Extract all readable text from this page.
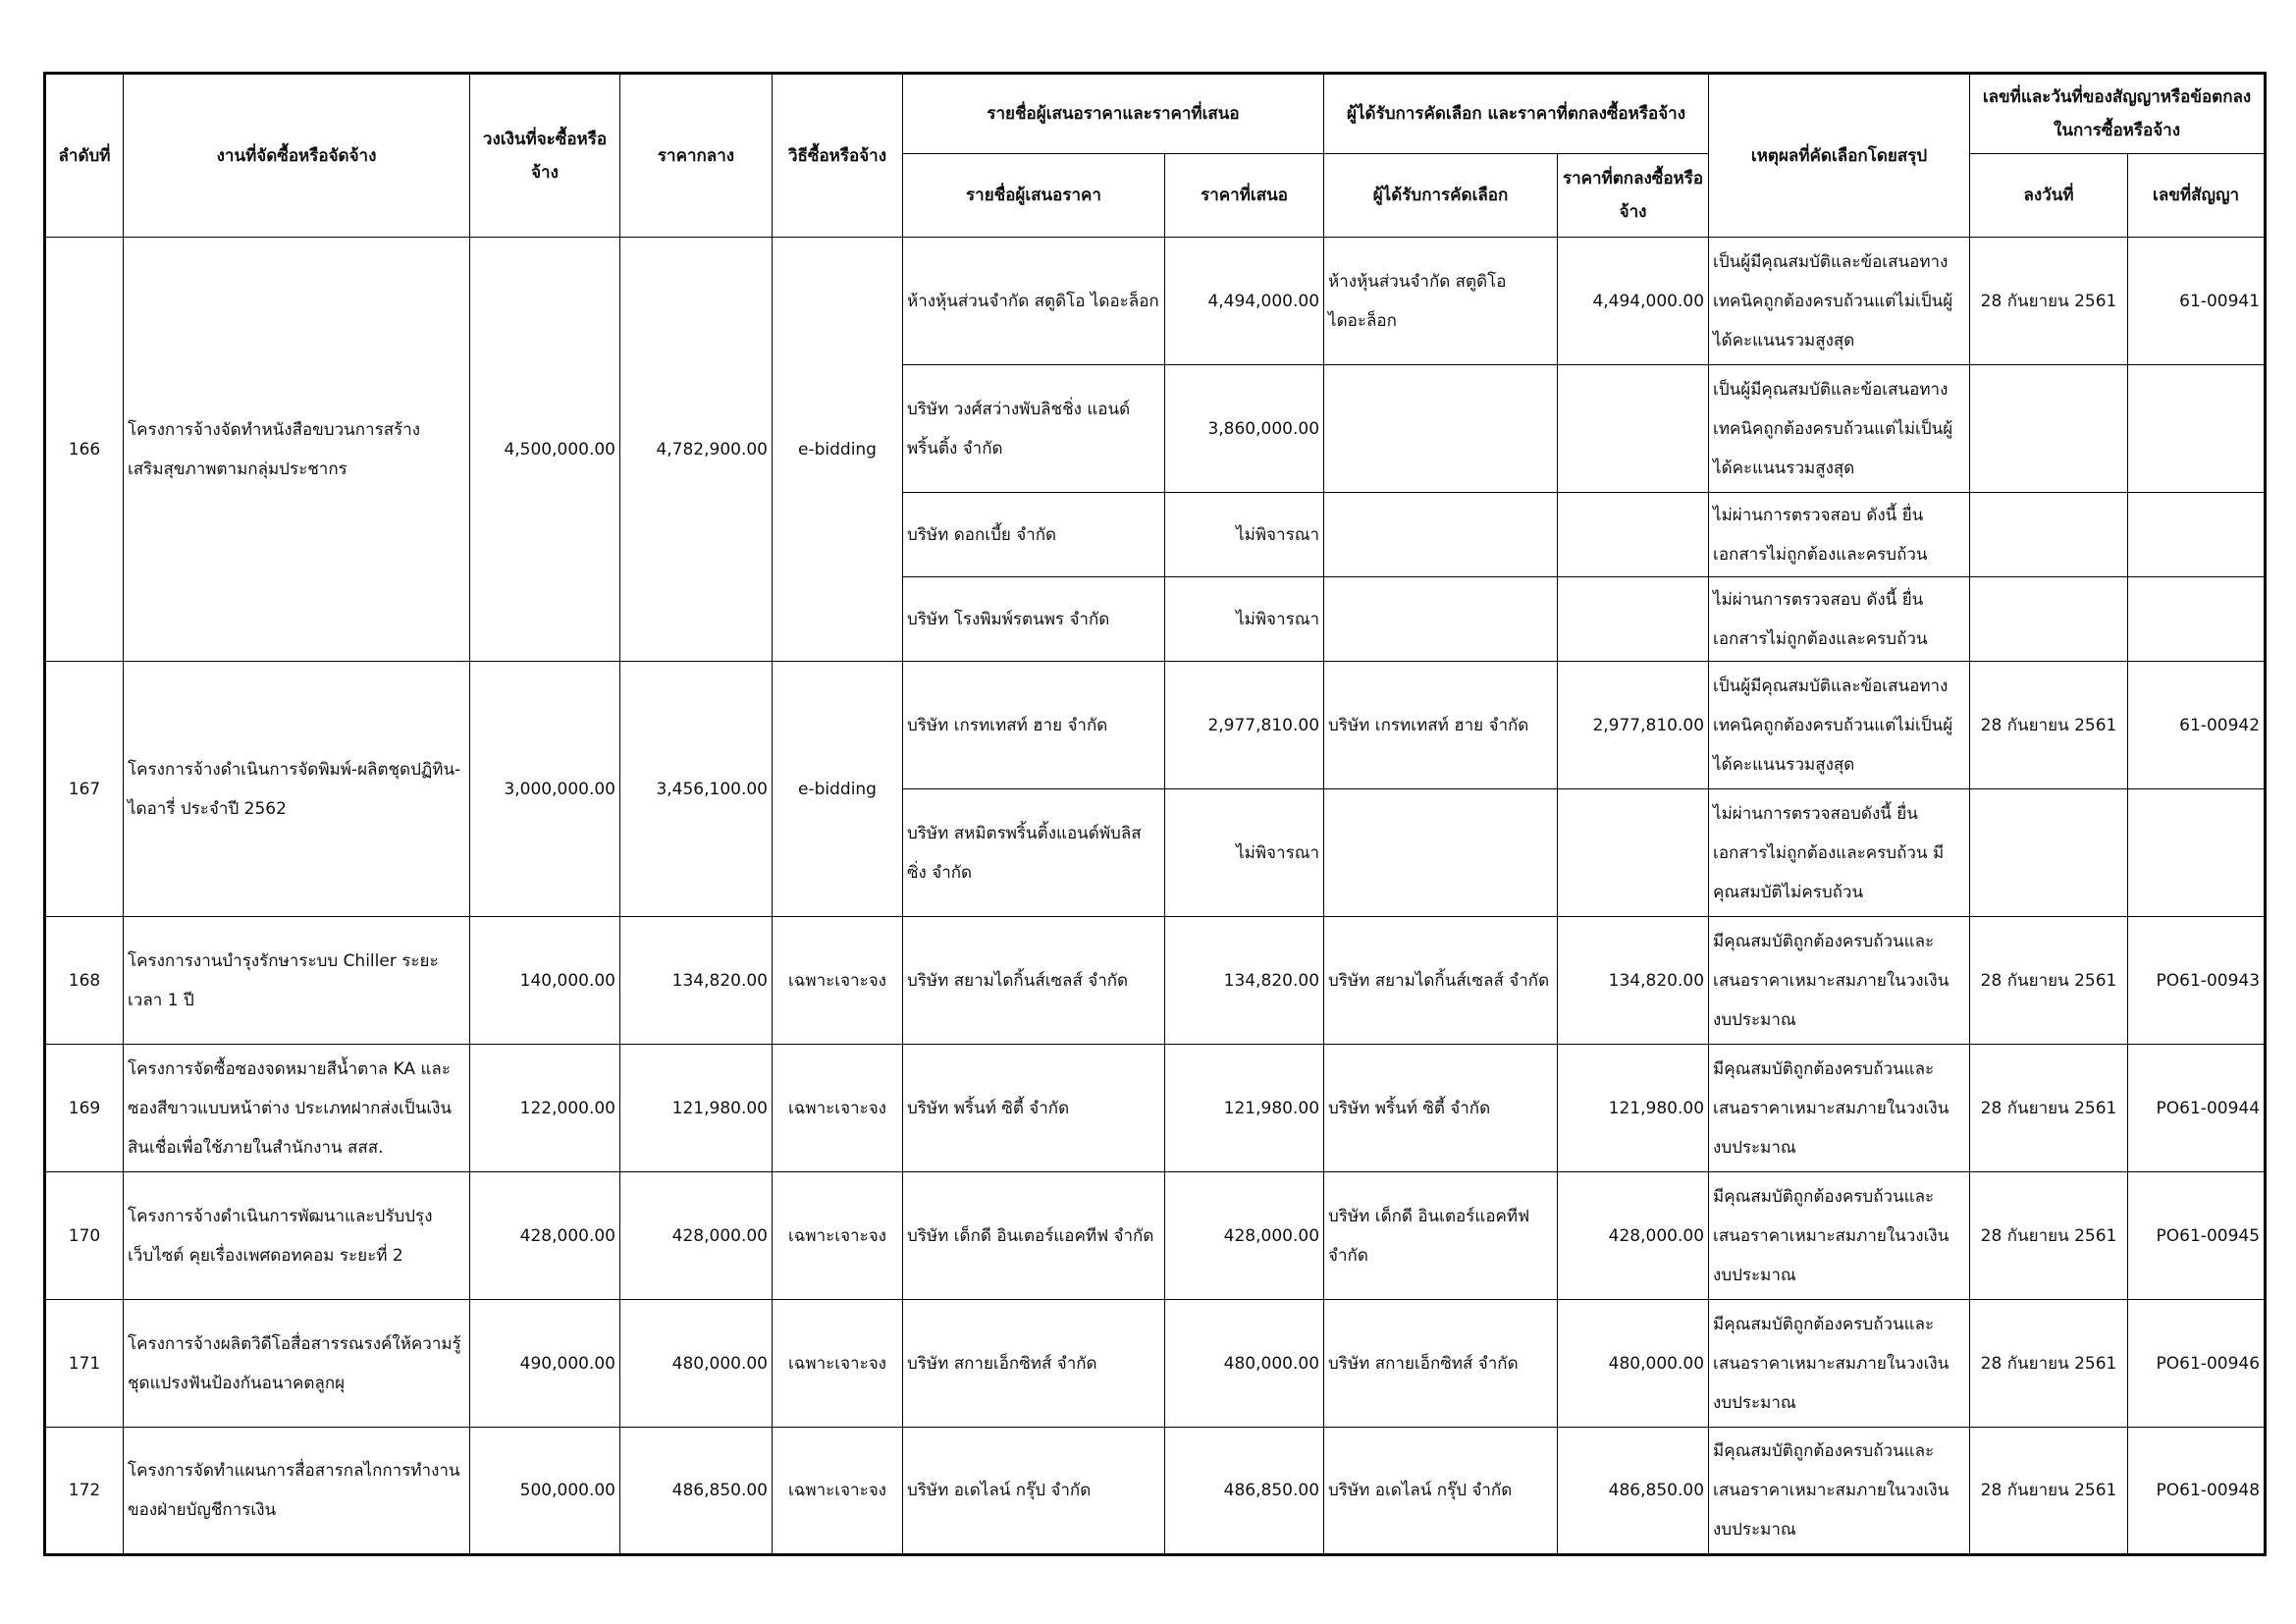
ลำดับที่	งานที่จัดซื้อหรือจัดจ้าง	วงเงินที่จะซื้อหรือจ้าง	ราคากลาง	วิธีซื้อหรือจ้าง	รายชื่อผู้เสนอราคาและราคาที่เสนอ		ผู้ได้รับการคัดเลือก และราคาที่ตกลงซื้อหรือจ้าง		เหตุผลที่คัดเลือกโดยสรุป	เลขที่และวันที่ของสัญญาหรือข้อตกลงในการซื้อหรือจ้าง	
					รายชื่อผู้เสนอราคา	ราคาที่เสนอ	ผู้ได้รับการคัดเลือก	ราคาที่ตกลงซื้อหรือจ้าง		ลงวันที่	เลขที่สัญญา
166	โครงการจ้างจัดทำหนังสือขบวนการสร้างเสริมสุขภาพตามกลุ่มประชากร	4,500,000.00	4,782,900.00	e-bidding	ห้างหุ้นส่วนจำกัด สตูดิโอ ไดอะล็อก	4,494,000.00	ห้างหุ้นส่วนจำกัด สตูดิโอ ไดอะล็อก	4,494,000.00	เป็นผู้มีคุณสมบัติและข้อเสนอทางเทคนิคถูกต้องครบถ้วนแต่ไม่เป็นผู้ได้คะแนนรวมสูงสุด	28 กันยายน 2561	61-00941
					บริษัท วงศ์สว่างพับลิชชิ่ง แอนด์ พริ้นติ้ง จำกัด	3,860,000.00			เป็นผู้มีคุณสมบัติและข้อเสนอทางเทคนิคถูกต้องครบถ้วนแต่ไม่เป็นผู้ได้คะแนนรวมสูงสุด		
					บริษัท ดอกเบี้ย จำกัด	ไม่พิจารณา			ไม่ผ่านการตรวจสอบ ดังนี้ ยื่นเอกสารไม่ถูกต้องและครบถ้วน		
					บริษัท โรงพิมพ์รตนพร จำกัด	ไม่พิจารณา			ไม่ผ่านการตรวจสอบ ดังนี้ ยื่นเอกสารไม่ถูกต้องและครบถ้วน		
167	โครงการจ้างดำเนินการจัดพิมพ์-ผลิตชุดปฏิทิน-ไดอารี่ ประจำปี 2562	3,000,000.00	3,456,100.00	e-bidding	บริษัท เกรทเทสท์ ฮาย จำกัด	2,977,810.00	บริษัท เกรทเทสท์ ฮาย จำกัด	2,977,810.00	เป็นผู้มีคุณสมบัติและข้อเสนอทางเทคนิคถูกต้องครบถ้วนแต่ไม่เป็นผู้ได้คะแนนรวมสูงสุด	28 กันยายน 2561	61-00942
					บริษัท สหมิตรพริ้นติ้งแอนด์พับลิสซิ่ง จำกัด	ไม่พิจารณา			ไม่ผ่านการตรวจสอบดังนี้ ยื่นเอกสารไม่ถูกต้องและครบถ้วน มีคุณสมบัติไม่ครบถ้วน		
168	โครงการงานบำรุงรักษาระบบ Chiller ระยะเวลา 1 ปี	140,000.00	134,820.00	เฉพาะเจาะจง	บริษัท สยามไดกิ้นส์เซลส์ จำกัด	134,820.00	บริษัท สยามไดกิ้นส์เซลส์ จำกัด	134,820.00	มีคุณสมบัติถูกต้องครบถ้วนและเสนอราคาเหมาะสมภายในวงเงินงบประมาณ	28 กันยายน 2561	PO61-00943
169	โครงการจัดซื้อซองจดหมายสีน้ำตาล KA และซองสีขาวแบบหน้าต่าง ประเภทฝากส่งเป็นเงินสินเชื่อเพื่อใช้ภายในสำนักงาน สสส.	122,000.00	121,980.00	เฉพาะเจาะจง	บริษัท พริ้นท์ ซิตี้ จำกัด	121,980.00	บริษัท พริ้นท์ ซิตี้ จำกัด	121,980.00	มีคุณสมบัติถูกต้องครบถ้วนและเสนอราคาเหมาะสมภายในวงเงินงบประมาณ	28 กันยายน 2561	PO61-00944
170	โครงการจ้างดำเนินการพัฒนาและปรับปรุงเว็บไซต์ คุยเรื่องเพศดอทคอม ระยะที่ 2	428,000.00	428,000.00	เฉพาะเจาะจง	บริษัท เด็กดี อินเตอร์แอคทีฟ จำกัด	428,000.00	บริษัท เด็กดี อินเตอร์แอคทีฟ จำกัด	428,000.00	มีคุณสมบัติถูกต้องครบถ้วนและเสนอราคาเหมาะสมภายในวงเงินงบประมาณ	28 กันยายน 2561	PO61-00945
171	โครงการจ้างผลิตวิดีโอสื่อสารรณรงค์ให้ความรู้ ชุดแปรงฟันป้องกันอนาคตลูกผุ	490,000.00	480,000.00	เฉพาะเจาะจง	บริษัท สกายเอ็กซิทส์ จำกัด	480,000.00	บริษัท สกายเอ็กซิทส์ จำกัด	480,000.00	มีคุณสมบัติถูกต้องครบถ้วนและเสนอราคาเหมาะสมภายในวงเงินงบประมาณ	28 กันยายน 2561	PO61-00946
172	โครงการจัดทำแผนการสื่อสารกลไกการทำงานของฝ่ายบัญชีการเงิน	500,000.00	486,850.00	เฉพาะเจาะจง	บริษัท อเดไลน์ กรุ๊ป จำกัด	486,850.00	บริษัท อเดไลน์ กรุ๊ป จำกัด	486,850.00	มีคุณสมบัติถูกต้องครบถ้วนและเสนอราคาเหมาะสมภายในวงเงินงบประมาณ	28 กันยายน 2561	PO61-00948
